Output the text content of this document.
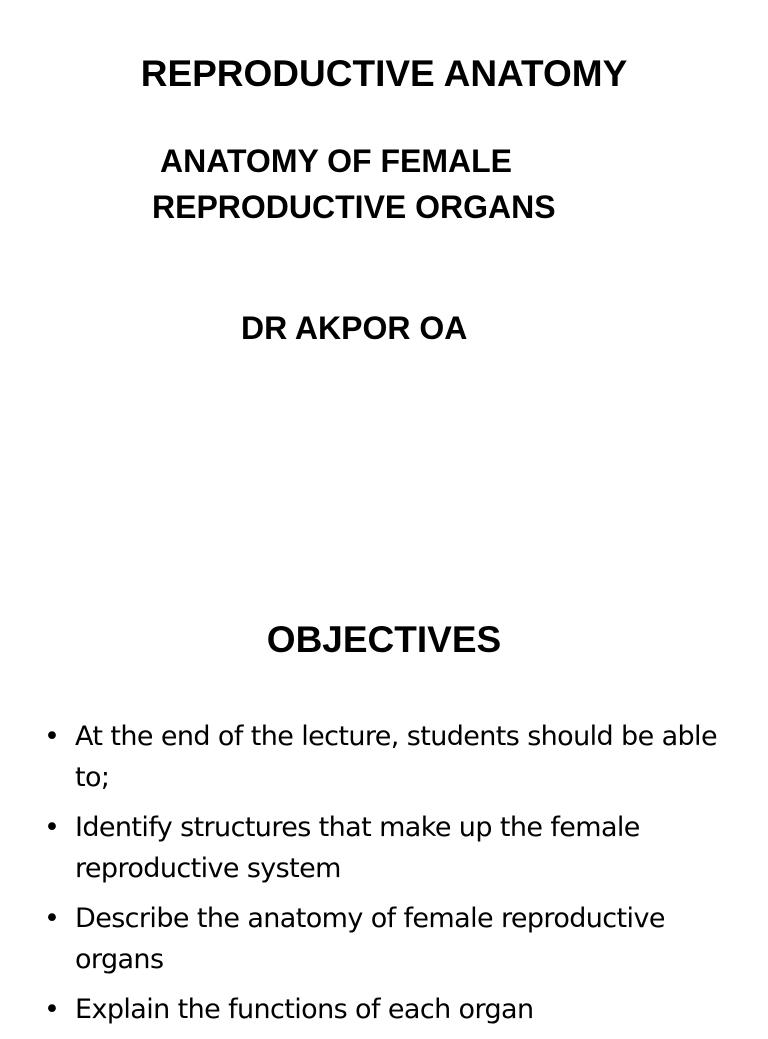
REPRODUCTIVE ANATOMY
ANATOMY OF FEMALE
REPRODUCTIVE ORGANS
DR AKPOR OA
OBJECTIVES
• At the end of the lecture, students should be able to;
• Identify structures that make up the female reproductive system
• Describe the anatomy of female reproductive organs
• Explain the functions of each organ
